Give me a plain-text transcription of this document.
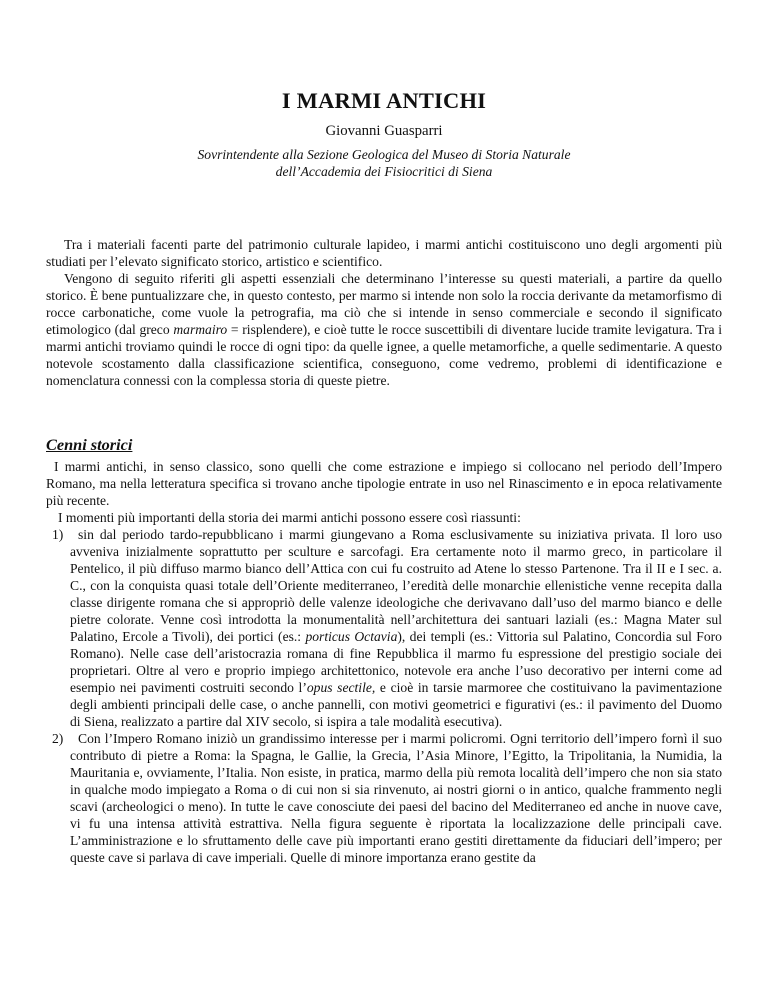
I MARMI ANTICHI
Giovanni Guasparri
Sovrintendente alla Sezione Geologica del Museo di Storia Naturale
dell’Accademia dei Fisiocritici di Siena

Tra i materiali facenti parte del patrimonio culturale lapideo, i marmi antichi costituiscono uno degli argomenti più studiati per l’elevato significato storico, artistico e scientifico.

Vengono di seguito riferiti gli aspetti essenziali che determinano l’interesse su questi materiali, a partire da quello storico. È bene puntualizzare che, in questo contesto, per marmo si intende non solo la roccia derivante da metamorfismo di rocce carbonatiche, come vuole la petrografia, ma ciò che si intende in senso commerciale e secondo il significato etimologico (dal greco marmairo = risplendere), e cioè tutte le rocce suscettibili di diventare lucide tramite levigatura. Tra i marmi antichi troviamo quindi le rocce di ogni tipo: da quelle ignee, a quelle metamorfiche, a quelle sedimentarie. A questo notevole scostamento dalla classificazione scientifica, conseguono, come vedremo, problemi di identificazione e nomenclatura connessi con la complessa storia di queste pietre.

Cenni storici

I marmi antichi, in senso classico, sono quelli che come estrazione e impiego si collocano nel periodo dell’Impero Romano, ma nella letteratura specifica si trovano anche tipologie entrate in uso nel Rinascimento e in epoca relativamente più recente.

I momenti più importanti della storia dei marmi antichi possono essere così riassunti:

1)	sin dal periodo tardo-repubblicano i marmi giungevano a Roma esclusivamente su iniziativa privata. Il loro uso avveniva inizialmente soprattutto per sculture e sarcofagi. Era certamente noto il marmo greco, in particolare il Pentelico, il più diffuso marmo bianco dell’Attica con cui fu costruito ad Atene lo stesso Partenone. Tra il II e I sec. a. C., con la conquista quasi totale dell’Oriente mediterraneo, l’eredità delle monarchie ellenistiche venne recepita dalla classe dirigente romana che si appropriò delle valenze ideologiche che derivavano dall’uso del marmo bianco e delle pietre colorate. Venne così introdotta la monumentalità nell’architettura dei santuari laziali (es.: Magna Mater sul Palatino, Ercole a Tivoli), dei portici (es.: porticus Octavia), dei templi (es.: Vittoria sul Palatino, Concordia sul Foro Romano). Nelle case dell’aristocrazia romana di fine Repubblica il marmo fu espressione del prestigio sociale dei proprietari. Oltre al vero e proprio impiego architettonico, notevole era anche l’uso decorativo per interni come ad esempio nei pavimenti costruiti secondo l’opus sectile, e cioè in tarsie marmoree che costituivano la pavimentazione degli ambienti principali delle case, o anche pannelli, con motivi geometrici e figurativi (es.: il pavimento del Duomo di Siena, realizzato a partire dal XIV secolo, si ispira a tale modalità esecutiva).

2)	Con l’Impero Romano iniziò un grandissimo interesse per i marmi policromi. Ogni territorio dell’impero fornì il suo contributo di pietre a Roma: la Spagna, le Gallie, la Grecia, l’Asia Minore, l’Egitto, la Tripolitania, la Numidia, la Mauritania e, ovviamente, l’Italia. Non esiste, in pratica, marmo della più remota località dell’impero che non sia stato in qualche modo impiegato a Roma o di cui non si sia rinvenuto, ai nostri giorni o in antico, qualche frammento negli scavi (archeologici o meno). In tutte le cave conosciute dei paesi del bacino del Mediterraneo ed anche in nuove cave, vi fu una intensa attività estrattiva. Nella figura seguente è riportata la localizzazione delle principali cave. L’amministrazione e lo sfruttamento delle cave più importanti erano gestiti direttamente da fiduciari dell’impero; per queste cave si parlava di cave imperiali. Quelle di minore importanza erano gestite da
